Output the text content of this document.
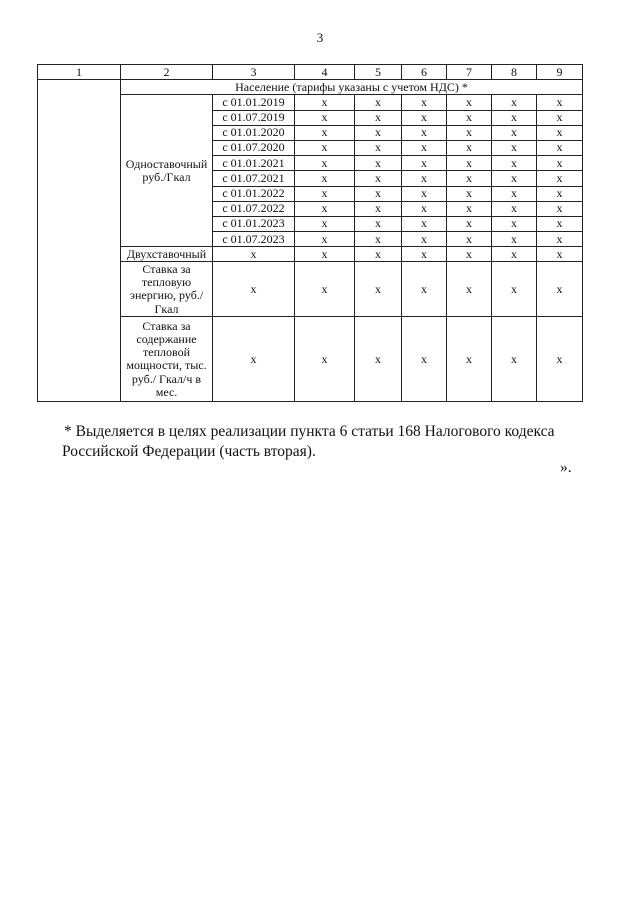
3
1	2	3	4	5	6	7	8	9
	Население (тарифы указаны с учетом НДС) *							
	Одноставочный руб./Гкал	с 01.01.2019	х	х	х	х	х	х
		с 01.07.2019	х	х	х	х	х	х
		с 01.01.2020	х	х	х	х	х	х
		с 01.07.2020	х	х	х	х	х	х
		с 01.01.2021	х	х	х	х	х	х
		с 01.07.2021	х	х	х	х	х	х
		с 01.01.2022	х	х	х	х	х	х
		с 01.07.2022	х	х	х	х	х	х
		с 01.01.2023	х	х	х	х	х	х
		с 01.07.2023	х	х	х	х	х	х
	Двухставочный	х	х	х	х	х	х	х
	Ставка за тепловую энергию, руб./Гкал	х	х	х	х	х	х	х
	Ставка за содержание тепловой мощности, тыс. руб./ Гкал/ч в мес.	х	х	х	х	х	х	х
* Выделяется в целях реализации пункта 6 статьи 168 Налогового кодекса
Российской Федерации (часть вторая).
».
